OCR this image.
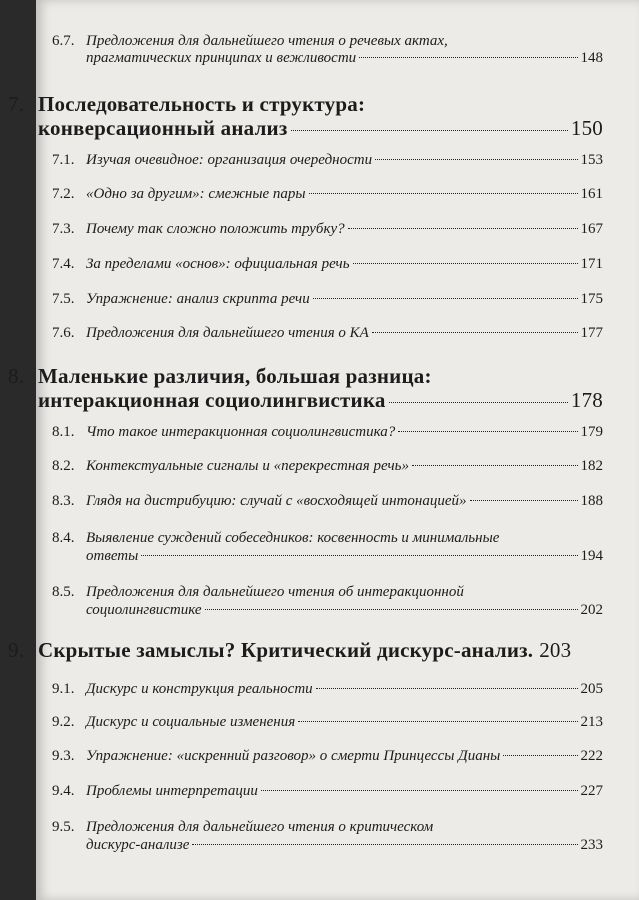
6.7. Предложения для дальнейшего чтения о речевых актах,
прагматических принципах и вежливости	148
7. Последовательность и структура:
конверсационный анализ	150
7.1. Изучая очевидное: организация очередности	153
7.2. «Одно за другим»: смежные пары	161
7.3. Почему так сложно положить трубку?	167
7.4. За пределами «основ»: официальная речь	171
7.5. Упражнение: анализ скрипта речи	175
7.6. Предложения для дальнейшего чтения о КА	177
8. Маленькие различия, большая разница:
интеракционная социолингвистика	178
8.1. Что такое интеракционная социолингвистика?	179
8.2. Контекстуальные сигналы и «перекрестная речь»	182
8.3. Глядя на дистрибуцию: случай с «восходящей интонацией»	188
8.4. Выявление суждений собеседников: косвенность и минимальные
ответы	194
8.5. Предложения для дальнейшего чтения об интеракционной
социолингвистике	202
9. Скрытые замыслы? Критический дискурс-анализ. 203
9.1. Дискурс и конструкция реальности	205
9.2. Дискурс и социальные изменения	213
9.3. Упражнение: «искренний разговор» о смерти Принцессы Дианы	222
9.4. Проблемы интерпретации	227
9.5. Предложения для дальнейшего чтения о критическом
дискурс-анализе	233
